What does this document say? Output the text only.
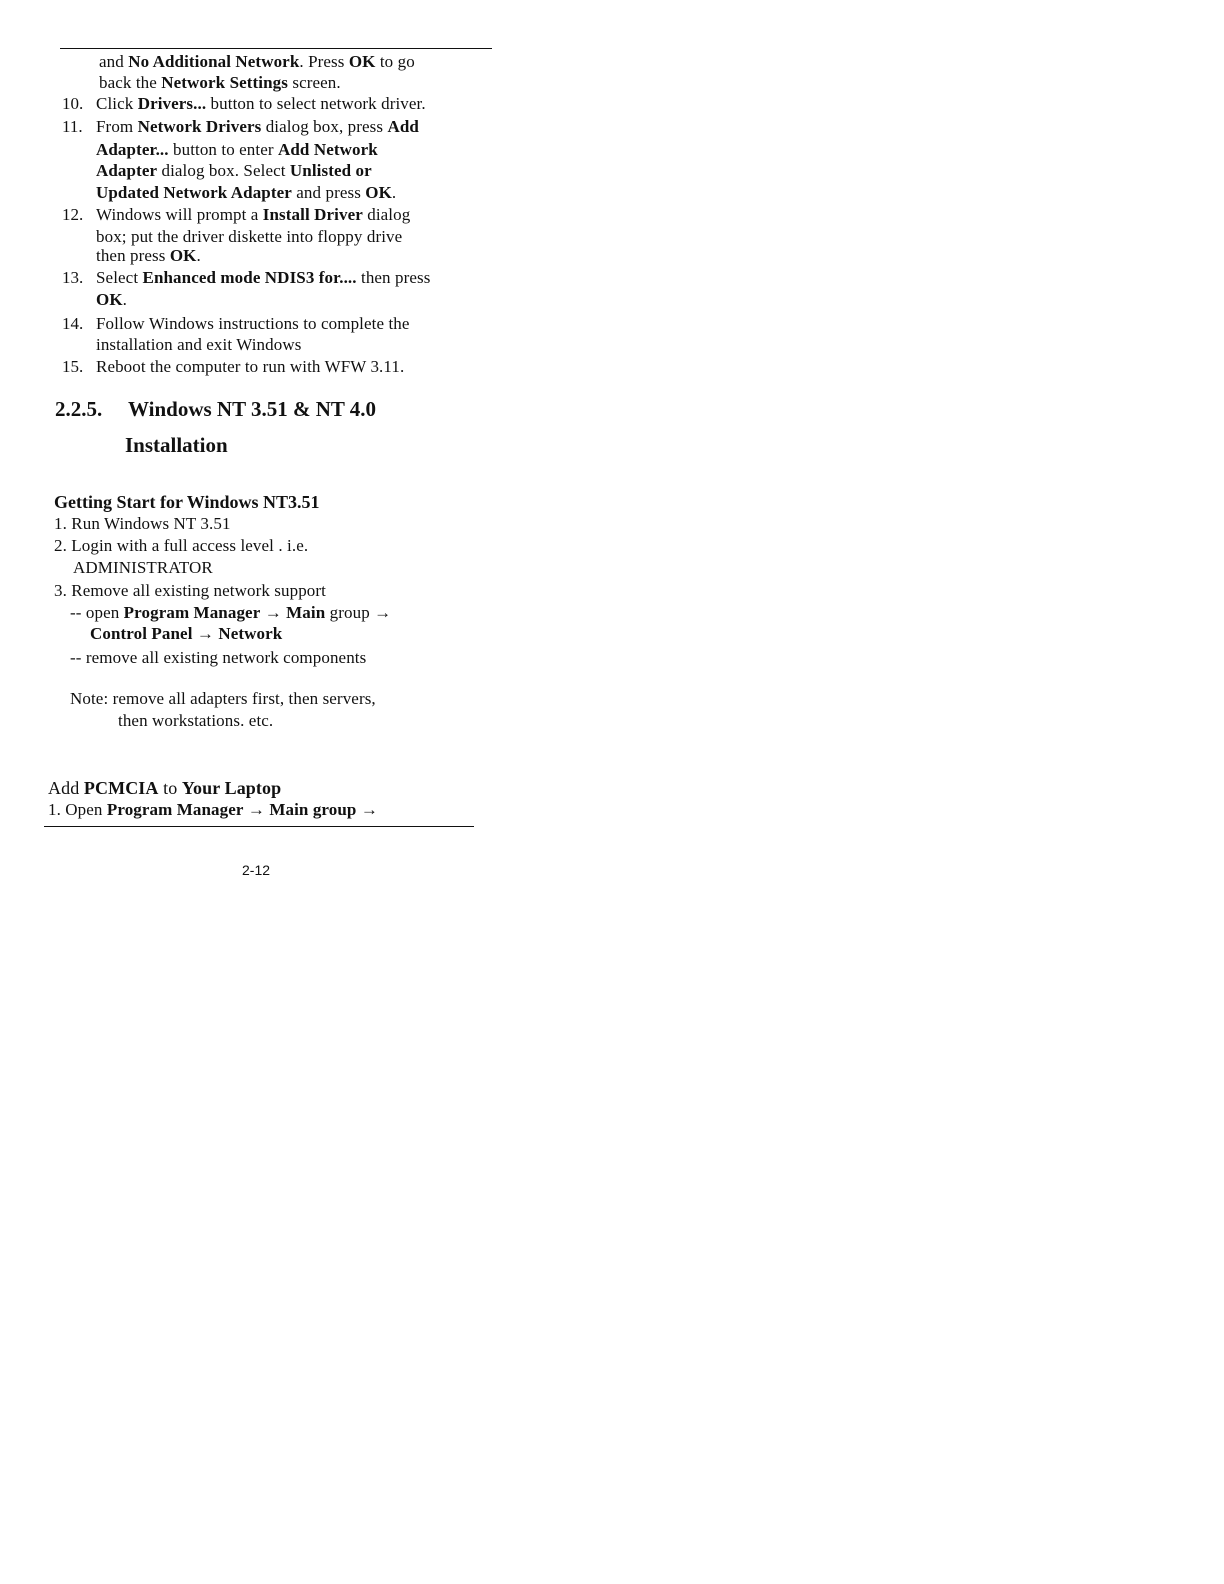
and No Additional Network. Press OK to go
back the Network Settings screen.
10. Click Drivers... button to select network driver.
11. From Network Drivers dialog box, press Add
Adapter... button to enter Add Network
Adapter dialog box. Select Unlisted or
Updated Network Adapter and press OK.
12. Windows will prompt a Install Driver dialog
box; put the driver diskette into floppy drive
then press OK.
13. Select Enhanced mode NDIS3 for.... then press
OK.
14. Follow Windows instructions to complete the
installation and exit Windows
15. Reboot the computer to run with WFW 3.11.
2.2.5. Windows NT 3.51 & NT 4.0
Installation
Getting Start for Windows NT3.51
1. Run Windows NT 3.51
2. Login with a full access level . i.e.
ADMINISTRATOR
3. Remove all existing network support
-- open Program Manager → Main group →
Control Panel → Network
-- remove all existing network components
Note: remove all adapters first, then servers,
then workstations. etc.
Add PCMCIA to Your Laptop
1. Open Program Manager → Main group →
2-12
